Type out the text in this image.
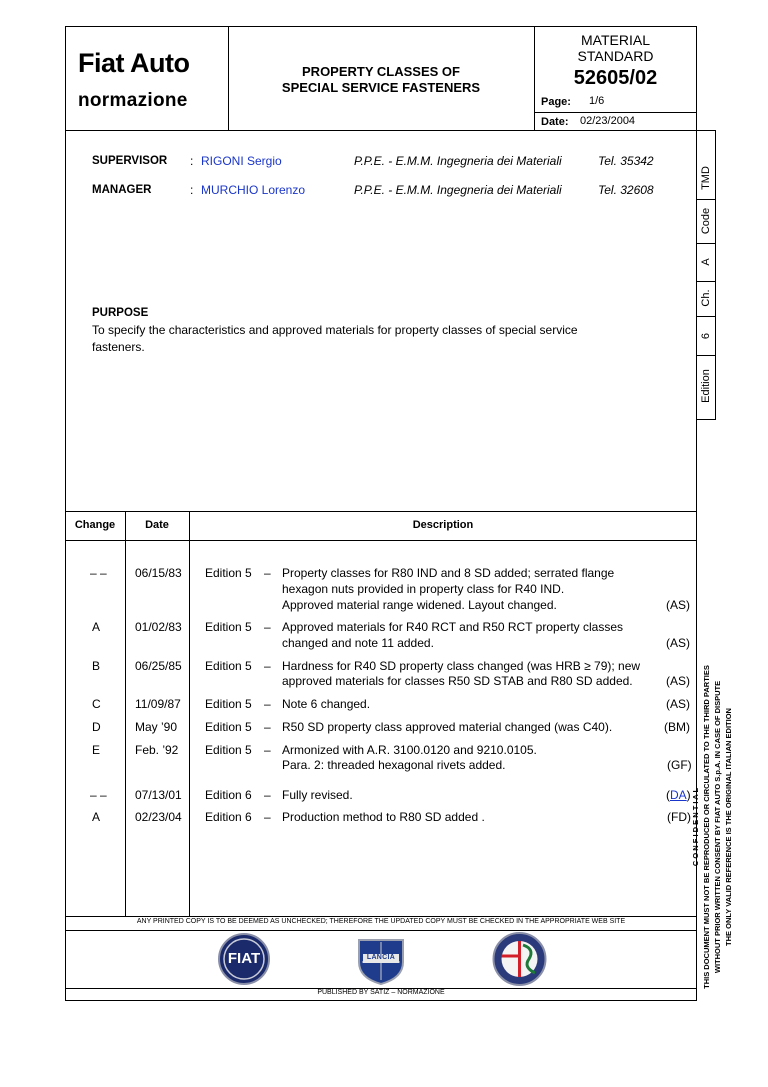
Fiat Auto
normazione
PROPERTY CLASSES OF
SPECIAL SERVICE FASTENERS
MATERIAL
STANDARD
52605/02
Page: 1/6
Date: 02/23/2004
TMD
Code
A
Ch.
6
Edition
SUPERVISOR : RIGONI Sergio	P.P.E. - E.M.M. Ingegneria dei Materiali	Tel. 35342
MANAGER	: MURCHIO Lorenzo	P.P.E. - E.M.M. Ingegneria dei Materiali	Tel. 32608
PURPOSE
To specify the characteristics and approved materials for property classes of special service
fasteners.
Change	Date	Description
– – 06/15/83 Edition 5 – Property classes for R80 IND and 8 SD added; serrated flange
hexagon nuts provided in property class for R40 IND.
Approved material range widened. Layout changed.	(AS)
A	01/02/83 Edition 5 – Approved materials for R40 RCT and R50 RCT property classes
changed and note 11 added.	(AS)
B	06/25/85 Edition 5 – Hardness for R40 SD property class changed (was HRB ≥ 79); new
approved materials for classes R50 SD STAB and R80 SD added.	(AS)
C	11/09/87 Edition 5 – Note 6 changed.	(AS)
D	May ’90 Edition 5 – R50 SD property class approved material changed (was C40).	(BM)
E	Feb. ’92 Edition 5 – Armonized with A.R. 3100.0120 and 9210.0105.
Para. 2: threaded hexagonal rivets added.	(GF)
– – 07/13/01 Edition 6 – Fully revised.	(DA)
A	02/23/04 Edition 6 – Production method to R80 SD added .	(FD)
ANY PRINTED COPY IS TO BE DEEMED AS UNCHECKED; THEREFORE THE UPDATED COPY MUST BE CHECKED IN THE APPROPRIATE WEB SITE
PUBLISHED BY SATIZ – NORMAZIONE
FIAT	LANCIA
C O N F I D E N T I A L THIS DOCUMENT MUST NOT BE REPRODUCED OR CIRCULATED TO THE THIRD PARTIES WITHOUT PRIOR WRITTEN CONSENT BY FIAT AUTO S.p.A. IN CASE OF DISPUTE THE ONLY VALID REFERENCE IS THE ORIGINAL ITALIAN EDITION
